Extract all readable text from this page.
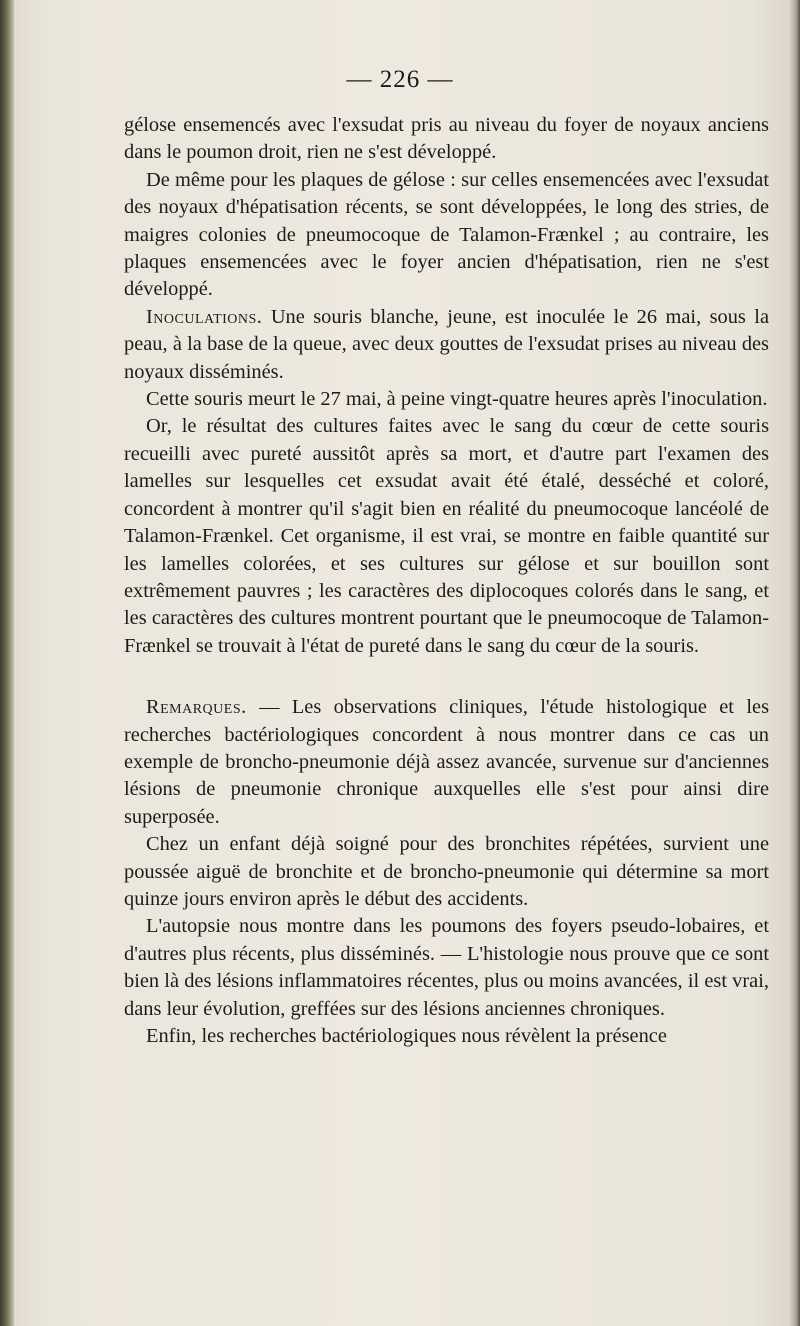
— 226 —

gélose ensemencés avec l'exsudat pris au niveau du foyer de noyaux anciens dans le poumon droit, rien ne s'est développé.

De même pour les plaques de gélose : sur celles ensemencées avec l'exsudat des noyaux d'hépatisation récents, se sont développées, le long des stries, de maigres colonies de pneumocoque de Talamon-Frænkel ; au contraire, les plaques ensemencées avec le foyer ancien d'hépatisation, rien ne s'est développé.

Inoculations. Une souris blanche, jeune, est inoculée le 26 mai, sous la peau, à la base de la queue, avec deux gouttes de l'exsudat prises au niveau des noyaux disséminés.

Cette souris meurt le 27 mai, à peine vingt-quatre heures après l'inoculation.

Or, le résultat des cultures faites avec le sang du cœur de cette souris recueilli avec pureté aussitôt après sa mort, et d'autre part l'examen des lamelles sur lesquelles cet exsudat avait été étalé, desséché et coloré, concordent à montrer qu'il s'agit bien en réalité du pneumocoque lancéolé de Talamon-Frænkel. Cet organisme, il est vrai, se montre en faible quantité sur les lamelles colorées, et ses cultures sur gélose et sur bouillon sont extrêmement pauvres ; les caractères des diplocoques colorés dans le sang, et les caractères des cultures montrent pourtant que le pneumocoque de Talamon-Frænkel se trouvait à l'état de pureté dans le sang du cœur de la souris.

Remarques. — Les observations cliniques, l'étude histologique et les recherches bactériologiques concordent à nous montrer dans ce cas un exemple de broncho-pneumonie déjà assez avancée, survenue sur d'anciennes lésions de pneumonie chronique auxquelles elle s'est pour ainsi dire superposée.

Chez un enfant déjà soigné pour des bronchites répétées, survient une poussée aiguë de bronchite et de broncho-pneumonie qui détermine sa mort quinze jours environ après le début des accidents.

L'autopsie nous montre dans les poumons des foyers pseudo-lobaires, et d'autres plus récents, plus disséminés. — L'histologie nous prouve que ce sont bien là des lésions inflammatoires récentes, plus ou moins avancées, il est vrai, dans leur évolution, greffées sur des lésions anciennes chroniques.

Enfin, les recherches bactériologiques nous révèlent la présence
